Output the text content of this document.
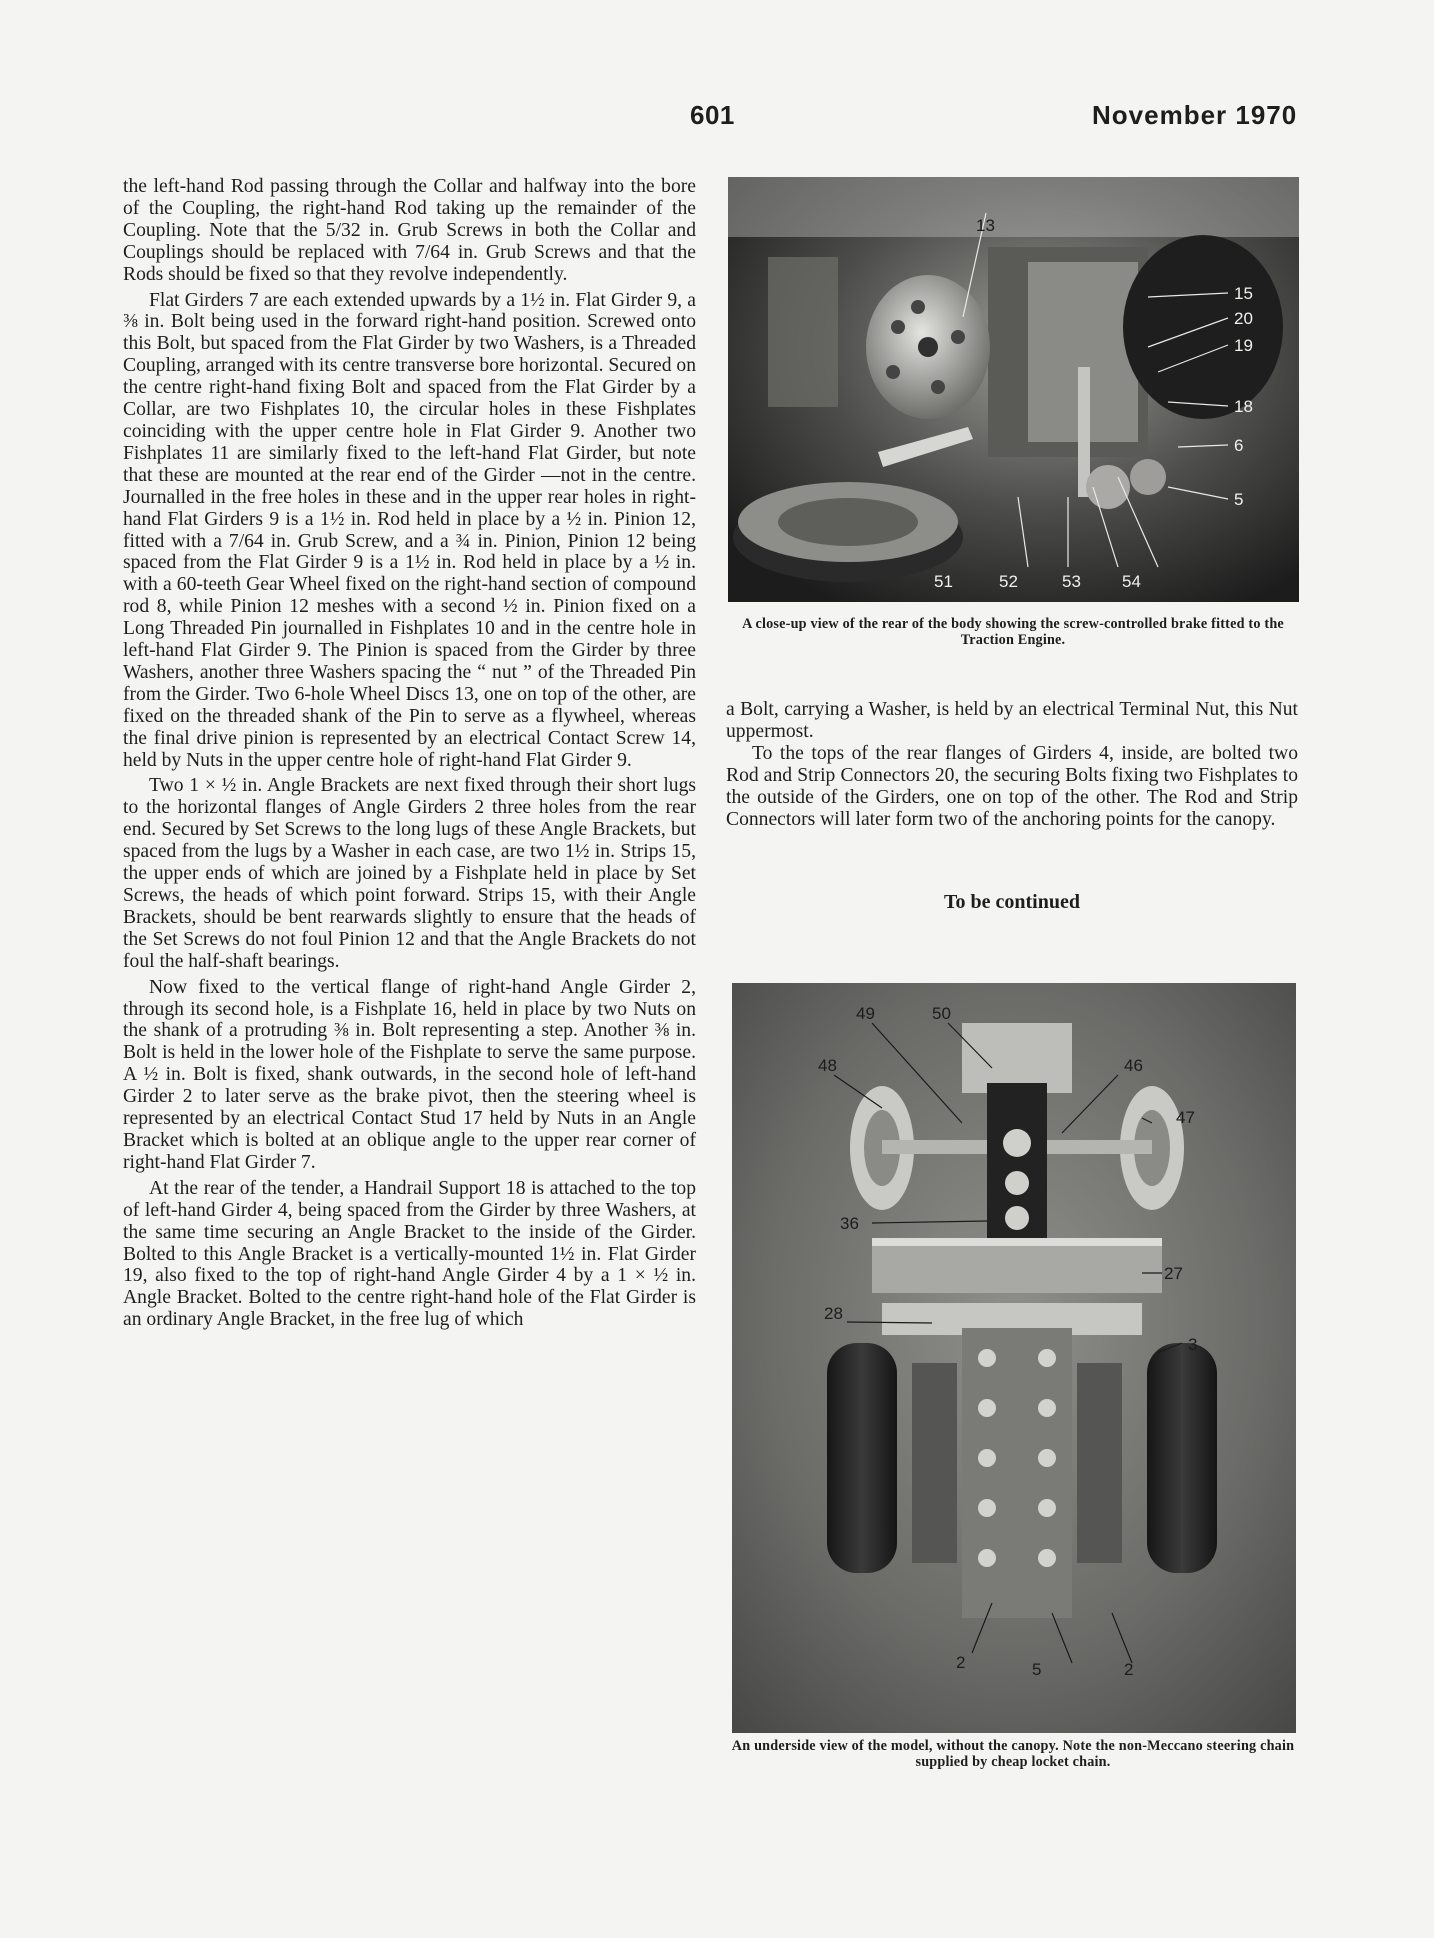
601	November 1970

the left-hand Rod passing through the Collar and halfway into the bore of the Coupling, the right-hand Rod taking up the remainder of the Coupling. Note that the 5/32 in. Grub Screws in both the Collar and Couplings should be replaced with 7/64 in. Grub Screws and that the Rods should be fixed so that they revolve independently.

Flat Girders 7 are each extended upwards by a 1½ in. Flat Girder 9, a ⅜ in. Bolt being used in the forward right-hand position. Screwed onto this Bolt, but spaced from the Flat Girder by two Washers, is a Threaded Coupling, arranged with its centre transverse bore horizontal. Secured on the centre right-hand fixing Bolt and spaced from the Flat Girder by a Collar, are two Fishplates 10, the circular holes in these Fishplates coinciding with the upper centre hole in Flat Girder 9. Another two Fishplates 11 are similarly fixed to the left-hand Flat Girder, but note that these are mounted at the rear end of the Girder —not in the centre. Journalled in the free holes in these and in the upper rear holes in right-hand Flat Girders 9 is a 1½ in. Rod held in place by a ½ in. Pinion 12, fitted with a 7/64 in. Grub Screw, and a ¾ in. Pinion, Pinion 12 being spaced from the Flat Girder 9 is a 1½ in. Rod held in place by a ½ in. with a 60-teeth Gear Wheel fixed on the right-hand section of compound rod 8, while Pinion 12 meshes with a second ½ in. Pinion fixed on a Long Threaded Pin journalled in Fishplates 10 and in the centre hole in left-hand Flat Girder 9. The Pinion is spaced from the Girder by three Washers, another three Washers spacing the “ nut ” of the Threaded Pin from the Girder. Two 6-hole Wheel Discs 13, one on top of the other, are fixed on the threaded shank of the Pin to serve as a flywheel, whereas the final drive pinion is represented by an electrical Contact Screw 14, held by Nuts in the upper centre hole of right-hand Flat Girder 9.

Two 1 × ½ in. Angle Brackets are next fixed through their short lugs to the horizontal flanges of Angle Girders 2 three holes from the rear end. Secured by Set Screws to the long lugs of these Angle Brackets, but spaced from the lugs by a Washer in each case, are two 1½ in. Strips 15, the upper ends of which are joined by a Fishplate held in place by Set Screws, the heads of which point forward. Strips 15, with their Angle Brackets, should be bent rearwards slightly to ensure that the heads of the Set Screws do not foul Pinion 12 and that the Angle Brackets do not foul the half-shaft bearings.

Now fixed to the vertical flange of right-hand Angle Girder 2, through its second hole, is a Fishplate 16, held in place by two Nuts on the shank of a protruding ⅜ in. Bolt representing a step. Another ⅜ in. Bolt is held in the lower hole of the Fishplate to serve the same purpose. A ½ in. Bolt is fixed, shank outwards, in the second hole of left-hand Girder 2 to later serve as the brake pivot, then the steering wheel is represented by an electrical Contact Stud 17 held by Nuts in an Angle Bracket which is bolted at an oblique angle to the upper rear corner of right-hand Flat Girder 7.

At the rear of the tender, a Handrail Support 18 is attached to the top of left-hand Girder 4, being spaced from the Girder by three Washers, at the same time securing an Angle Bracket to the inside of the Girder. Bolted to this Angle Bracket is a vertically-mounted 1½ in. Flat Girder 19, also fixed to the top of right-hand Angle Girder 4 by a 1 × ½ in. Angle Bracket. Bolted to the centre right-hand hole of the Flat Girder is an ordinary Angle Bracket, in the free lug of which

13
15
20
19
18
6
5
51	52	53 54
A close-up view of the rear of the body showing the screw-controlled brake fitted to the Traction Engine.

a Bolt, carrying a Washer, is held by an electrical Terminal Nut, this Nut uppermost.

To the tops of the rear flanges of Girders 4, inside, are bolted two Rod and Strip Connectors 20, the securing Bolts fixing two Fishplates to the outside of the Girders, one on top of the other. The Rod and Strip Connectors will later form two of the anchoring points for the canopy.

To be continued
49	50
48	46
47
36
27
28
3
2	5	2
An underside view of the model, without the canopy. Note the non-Meccano steering chain supplied by cheap locket chain.
